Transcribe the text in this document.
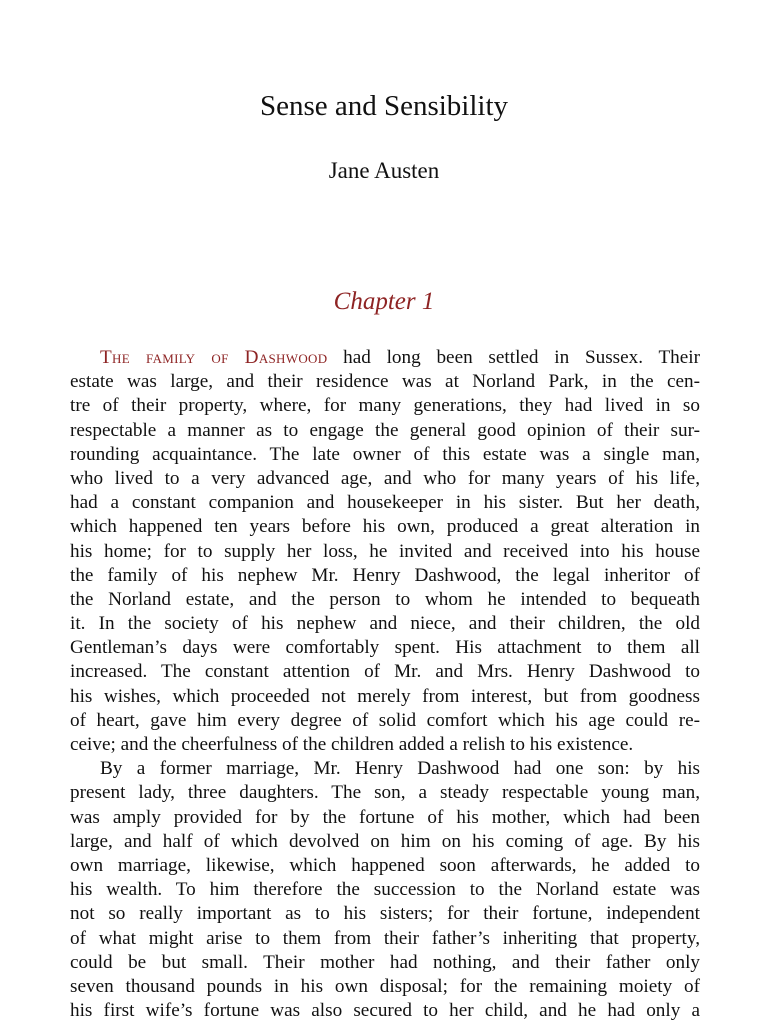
Sense and Sensibility
Jane Austen
Chapter 1
The family of Dashwood had long been settled in Sussex. Their
estate was large, and their residence was at Norland Park, in the cen-
tre of their property, where, for many generations, they had lived in so
respectable a manner as to engage the general good opinion of their sur-
rounding acquaintance. The late owner of this estate was a single man,
who lived to a very advanced age, and who for many years of his life,
had a constant companion and housekeeper in his sister. But her death,
which happened ten years before his own, produced a great alteration in
his home; for to supply her loss, he invited and received into his house
the family of his nephew Mr. Henry Dashwood, the legal inheritor of
the Norland estate, and the person to whom he intended to bequeath
it. In the society of his nephew and niece, and their children, the old
Gentleman’s days were comfortably spent. His attachment to them all
increased. The constant attention of Mr. and Mrs. Henry Dashwood to
his wishes, which proceeded not merely from interest, but from goodness
of heart, gave him every degree of solid comfort which his age could re-
ceive; and the cheerfulness of the children added a relish to his existence.
By a former marriage, Mr. Henry Dashwood had one son: by his
present lady, three daughters. The son, a steady respectable young man,
was amply provided for by the fortune of his mother, which had been
large, and half of which devolved on him on his coming of age. By his
own marriage, likewise, which happened soon afterwards, he added to
his wealth. To him therefore the succession to the Norland estate was
not so really important as to his sisters; for their fortune, independent
of what might arise to them from their father’s inheriting that property,
could be but small. Their mother had nothing, and their father only
seven thousand pounds in his own disposal; for the remaining moiety of
his first wife’s fortune was also secured to her child, and he had only a
